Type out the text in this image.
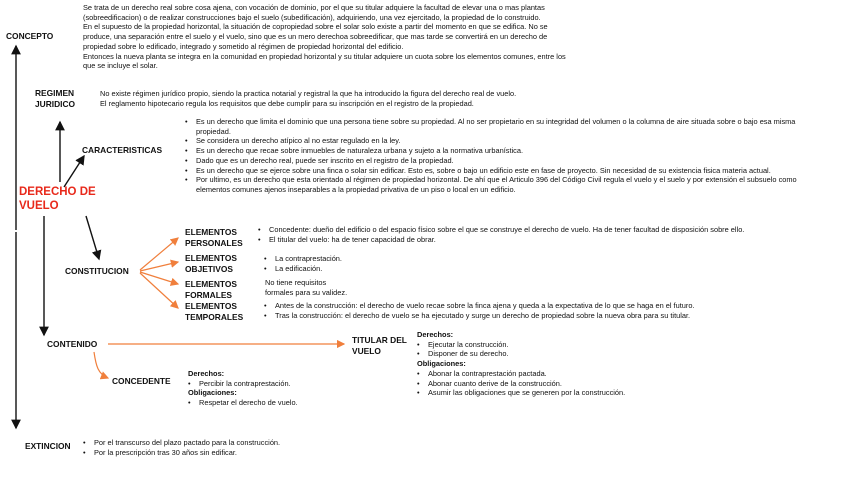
CONCEPTO

Se trata de un derecho real sobre cosa ajena, con vocación de dominio, por el que su titular adquiere la facultad de elevar una o mas plantas

(sobreedificacion) o de realizar construcciones bajo el suelo (subedificación), adquiriendo, una vez ejercitado, la propiedad de lo construido.

En el supuesto de la propiedad horizontal, la situación de copropiedad sobre el solar solo existe a partir del momento en que se edifica. No se

produce, una separación entre el suelo y el vuelo, sino que es un mero derechoa sobreedificar, que mas tarde se convertirá en un derecho de

propiedad sobre lo edificado, integrado y sometido al régimen de propiedad horizontal del edificio.

Entonces la nueva planta se integra en la comunidad en propiedad horizontal y su titular adquiere un cuota sobre los elementos comunes, entre los

que se incluye el solar.

REGIMEN
JURIDICO

No existe régimen jurídico propio, siendo la practica notarial y registral la que ha introducido la figura del derecho real de vuelo.

El reglamento hipotecario regula los requisitos que debe cumplir para su inscripción en el registro de la propiedad.

DERECHO DE
VUELO
CARACTERISTICAS
• Es un derecho que limita el dominio que una persona tiene sobre su propiedad. Al no ser propietario en su integridad del volumen o la columna de aire situada sobre o bajo esa misma propiedad.
• Se considera un derecho atípico al no estar regulado en la ley.
• Es un derecho que recae sobre inmuebles de naturaleza urbana y sujeto a la normativa urbanística.
• Dado que es un derecho real, puede ser inscrito en el registro de la propiedad.
• Es un derecho que se ejerce sobre una finca o solar sin edificar. Esto es, sobre o bajo un edificio este en fase de proyecto. Sin necesidad de su existencia fisica materia actual.
• Por ultimo, es un derecho que esta orientado al régimen de propiedad horizontal. De ahí que el Articulo 396 del Código Civil regula el vuelo y el suelo y por extensión el subsuelo como elementos comunes ajenos inseparables a la propiedad privativa de un piso o local en un edificio.
CONSTITUCION
ELEMENTOS
PERSONALES
• Concedente: dueño del edificio o del espacio físico sobre el que se construye el derecho de vuelo. Ha de tener facultad de disposición sobre ello.
• El titular del vuelo: ha de tener capacidad de obrar.
ELEMENTOS
OBJETIVOS
• La contraprestación.
• La edificación.
ELEMENTOS
FORMALES

No tiene requisitos

formales para su validez.

ELEMENTOS
TEMPORALES
• Antes de la construcción: el derecho de vuelo recae sobre la finca ajena y queda a la expectativa de lo que se haga en el futuro.
• Tras la construcción: el derecho de vuelo se ha ejecutado y surge un derecho de propiedad sobre la nueva obra para su titular.
CONTENIDO	TITULAR DEL
VUELO

Derechos:

• Ejecutar la construcción.
• Disponer de su derecho.

Obligaciones:

• Abonar la contraprestación pactada.
• Abonar cuanto derive de la construcción.
• Asumir las obligaciones que se generen por la construcción.
CONCEDENTE

Derechos:

• Percibir la contraprestación.

Obligaciones:

• Respetar el derecho de vuelo.
EXTINCION
•	Por el transcurso del plazo pactado para la construcción.
• Por la prescripción tras 30 años sin edificar.
